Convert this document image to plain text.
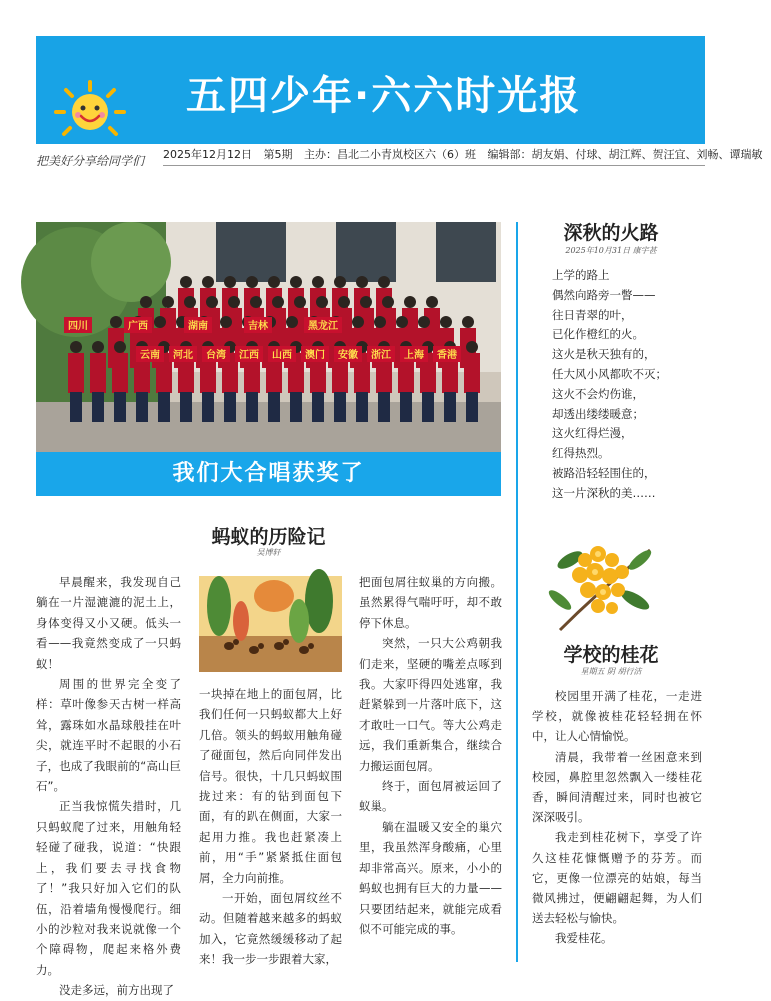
五四少年·六六时光报
把美好分享给同学们 2025年12月12日 第5期 主办：昌北二小青岚校区六（6）班 编辑部：胡友娟、付球、胡江辉、贺汪宜、刘畅、谭瑞敏
四川	广西	湖南	吉林	黑龙江
云南 河北 台湾 江西 山西 澳门 安徽 浙江 上海 香港
我们大合唱获奖了
深秋的火路
2025年10月31日 康宇甚
上学的路上
偶然向路旁一瞥——
往日青翠的叶，
已化作橙红的火。
这火是秋天独有的，
任大风小风都吹不灭；
这火不会灼伤谁，
却透出缕缕暖意；
这火红得烂漫，
红得热烈。
被路沿轻轻围住的，
这一片深秋的美……
学校的桂花
星期五 阴 胡行洁

校园里开满了桂花，一走进学校，就像被桂花轻轻拥在怀中，让人心情愉悦。

清晨，我带着一丝困意来到校园，鼻腔里忽然飘入一缕桂花香，瞬间清醒过来，同时也被它深深吸引。

我走到桂花树下，享受了许久这桂花慷慨赠予的芬芳。而它，更像一位漂亮的姑娘，每当微风拂过，便翩翩起舞，为人们送去轻松与愉快。

我爱桂花。

蚂蚁的历险记
吴博轩

早晨醒来，我发现自己躺在一片湿漉漉的泥土上，身体变得又小又硬。低头一看——我竟然变成了一只蚂蚁！

周围的世界完全变了样：草叶像参天古树一样高耸，露珠如水晶球般挂在叶尖，就连平时不起眼的小石子，也成了我眼前的“高山巨石”。

正当我惊慌失措时，几只蚂蚁爬了过来，用触角轻轻碰了碰我，说道：“快跟上，我们要去寻找食物了！”我只好加入它们的队伍，沿着墙角慢慢爬行。细小的沙粒对我来说就像一个个障碍物，爬起来格外费力。

没走多远，前方出现了

一块掉在地上的面包屑，比我们任何一只蚂蚁都大上好几倍。领头的蚂蚁用触角碰了碰面包，然后向同伴发出信号。很快，十几只蚂蚁围拢过来：有的钻到面包下面，有的趴在侧面，大家一起用力推。我也赶紧凑上前，用“手”紧紧抵住面包屑，全力向前推。

一开始，面包屑纹丝不动。但随着越来越多的蚂蚁加入，它竟然缓缓移动了起来！我一步一步跟着大家，

把面包屑往蚁巢的方向搬。虽然累得气喘吁吁，却不敢停下休息。

突然，一只大公鸡朝我们走来，坚硬的嘴差点啄到我。大家吓得四处逃窜，我赶紧躲到一片落叶底下，这才敢吐一口气。等大公鸡走远，我们重新集合，继续合力搬运面包屑。

终于，面包屑被运回了蚁巢。

躺在温暖又安全的巢穴里，我虽然浑身酸痛，心里却非常高兴。原来，小小的蚂蚁也拥有巨大的力量——只要团结起来，就能完成看似不可能完成的事。
